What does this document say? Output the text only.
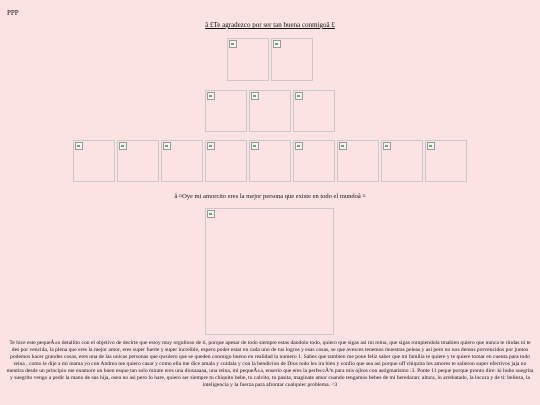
PPP
â £Te agradezco por ser tan buena conmigoâ £
â ¤Oye mi amorcito eres la mejor persona que existe en todo el mundoâ ¤
Te hice este pequeÃ±o detallito con el objetivo de decirte que estoy muy orgulloso de ti, porque apesar de todo siempre estas dandolo todo, quiero que sigas asi mi reina, que sigas rompiendola tmabien quiero que nunca te rindas ni te des por vencida, la plena que eres la mejor amor, eres super fuerte y super increible, espero poder estar en cada uno de tus logros y esas cosas, se que avesces tenemos muestras peleas y asi pero no nos demos porvencidos por juntos podemos hacer grandes cosas, eres una de las unicas personas que qwuiero que se queden conmigo bueno en realidad la numero 1. Sabes que tambien me pone feliz saber que mi familia te quiere y te quiere tomar en cuenta para todo reina , como le dije a mi mama yo con Andrea me quiero casar y como ella me dice amala y cuidala y con la bendicion de Dios todo les ira bien y confio que sea asi porque uff chiquita los amores te salieron super efectivos jaja no mentira desde un principio me enamore un buen esque tan solo mirate eres una diosaaaaa, una reina, mi pequeÃ±a, enserio que eres la perfeccÃ³n para mis ojitos con astigmatismo :3. Ponte 11 peque porque pronto dire: ki hubo suegrita y suegrito vengo a pedir la mano de sus hija, osea no asi pero lo hare, quiero ser siempre tu chiquito bebe, tu calvito, tu pasita, maginate amor cuando tengamos bebes de mi heredaran: altura, lo arrebatado, la locura y de ti: belleza, la inteligencia y la fuerza para afrontar cualquier problema. <3
